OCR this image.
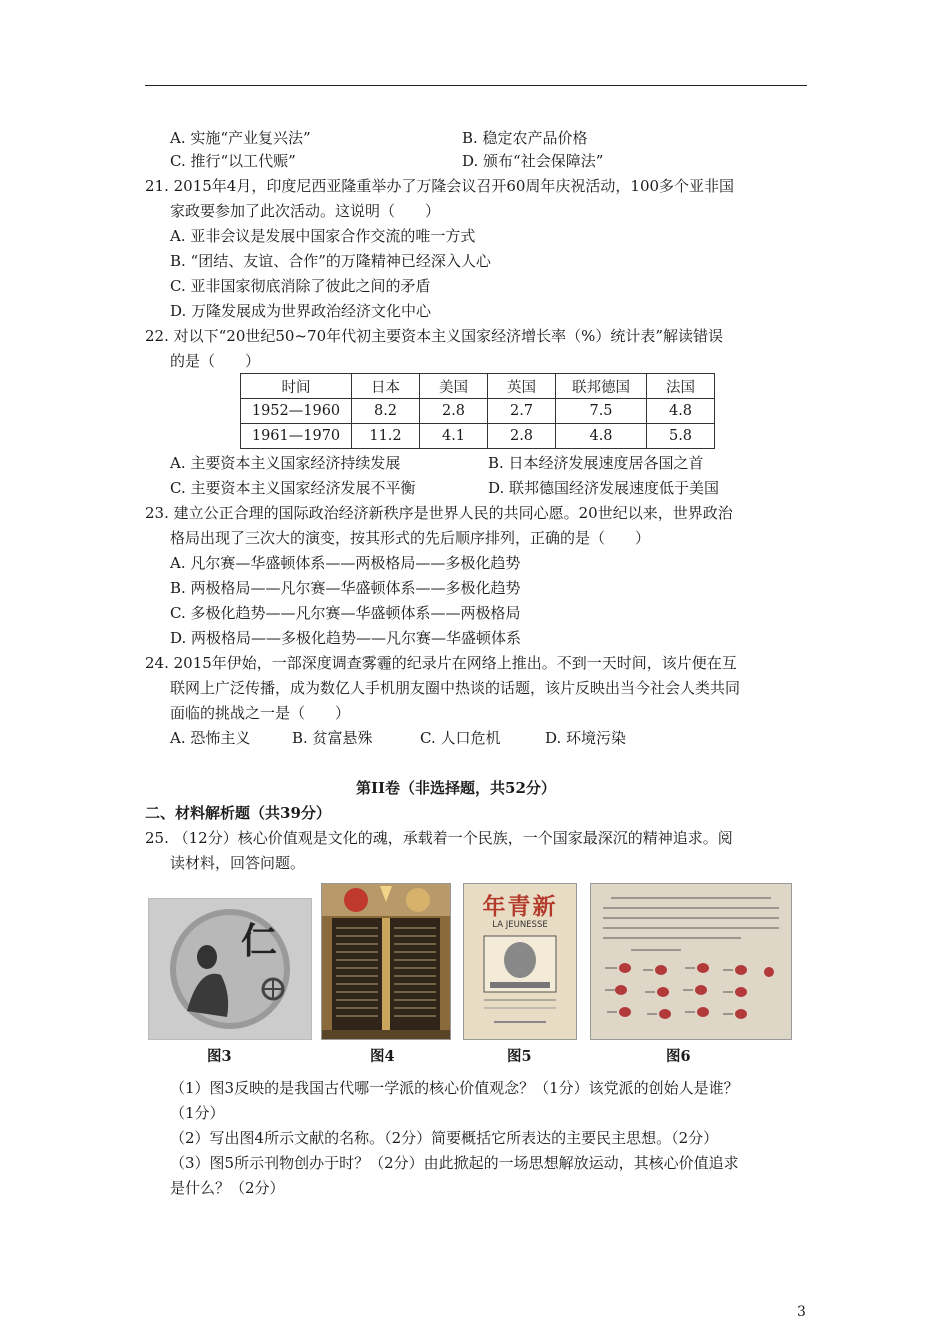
A. 实施“产业复兴法”	B. 稳定农产品价格
C. 推行“以工代赈”	D. 颁布“社会保障法”
21. 2015年4月，印度尼西亚隆重举办了万隆会议召开60周年庆祝活动，100多个亚非国
家政要参加了此次活动。这说明（　　）
A. 亚非会议是发展中国家合作交流的唯一方式
B. “团结、友谊、合作”的万隆精神已经深入人心
C. 亚非国家彻底消除了彼此之间的矛盾
D. 万隆发展成为世界政治经济文化中心
22. 对以下“20世纪50~70年代初主要资本主义国家经济增长率（%）统计表”解读错误
的是（　　）
时间	日本	美国	英国	联邦德国	法国
1952—1960	8.2	2.8	2.7	7.5	4.8
1961—1970	11.2	4.1	2.8	4.8	5.8
A. 主要资本主义国家经济持续发展	B. 日本经济发展速度居各国之首
C. 主要资本主义国家经济发展不平衡	D. 联邦德国经济发展速度低于美国
23. 建立公正合理的国际政治经济新秩序是世界人民的共同心愿。20世纪以来，世界政治
格局出现了三次大的演变，按其形式的先后顺序排列，正确的是（　　）
A. 凡尔赛—华盛顿体系——两极格局——多极化趋势
B. 两极格局——凡尔赛—华盛顿体系——多极化趋势
C. 多极化趋势——凡尔赛—华盛顿体系——两极格局
D. 两极格局——多极化趋势——凡尔赛—华盛顿体系
24. 2015年伊始，一部深度调查雾霾的纪录片在网络上推出。不到一天时间，该片便在互
联网上广泛传播，成为数亿人手机朋友圈中热谈的话题，该片反映出当今社会人类共同
面临的挑战之一是（　　）
A. 恐怖主义	B. 贫富悬殊	C. 人口危机	D. 环境污染
第II卷（非选择题，共52分）
二、材料解析题（共39分）
25. （12分）核心价值观是文化的魂，承载着一个民族，一个国家最深沉的精神追求。阅
读材料，回答问题。
仁
图3	图4
年青新
LA JEUNESSE
图5	图6
（1）图3反映的是我国古代哪一学派的核心价值观念？（1分）该党派的创始人是谁？
（1分）
（2）写出图4所示文献的名称。（2分）简要概括它所表达的主要民主思想。（2分）
（3）图5所示刊物创办于时？（2分）由此掀起的一场思想解放运动，其核心价值追求
是什么？（2分）
3
